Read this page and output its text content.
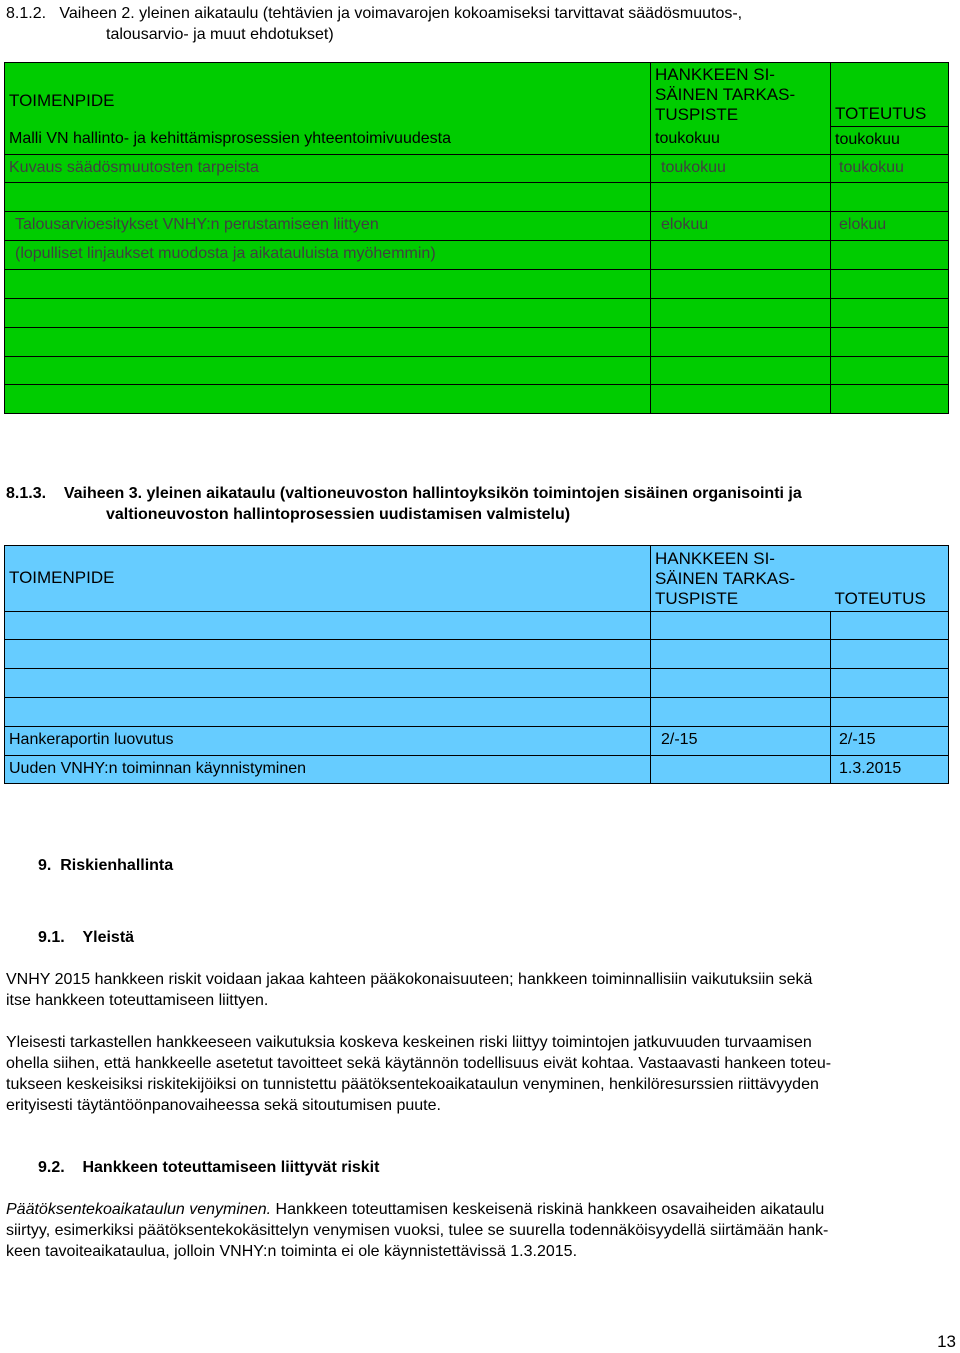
8.1.2. Vaiheen 2. yleinen aikataulu (tehtävien ja voimavarojen kokoamiseksi tarvittavat säädösmuutos-,
talousarvio- ja muut ehdotukset)
TOIMENPIDE	HANKKEEN SI-
SÄINEN TARKAS-
TUSPISTE	TOTEUTUS
Malli VN hallinto- ja kehittämisprosessien yhteentoimivuudesta	toukokuu	toukokuu
Kuvaus säädösmuutosten tarpeista	toukokuu	toukokuu

Talousarvioesitykset VNHY:n perustamiseen liittyen	elokuu	elokuu
(lopulliset linjaukset muodosta ja aikatauluista myöhemmin)		

8.1.3. Vaiheen 3. yleinen aikataulu (valtioneuvoston hallintoyksikön toimintojen sisäinen organisointi ja
valtioneuvoston hallintoprosessien uudistamisen valmistelu)
TOIMENPIDE	HANKKEEN SI-
SÄINEN TARKAS-
TUSPISTE	TOTEUTUS

Hankeraportin luovutus	2/-15	2/-15
Uuden VNHY:n toiminnan käynnistyminen		1.3.2015
9. Riskienhallinta
9.1. Yleistä

VNHY 2015 hankkeen riskit voidaan jakaa kahteen pääkokonaisuuteen; hankkeen toiminnallisiin vaikutuksiin sekä
itse hankkeen toteuttamiseen liittyen.

Yleisesti tarkastellen hankkeeseen vaikutuksia koskeva keskeinen riski liittyy toimintojen jatkuvuuden turvaamisen
ohella siihen, että hankkeelle asetetut tavoitteet sekä käytännön todellisuus eivät kohtaa. Vastaavasti hankeen toteu-
tukseen keskeisiksi riskitekijöiksi on tunnistettu päätöksentekoaikataulun venyminen, henkilöresurssien riittävyyden
erityisesti täytäntöönpanovaiheessa sekä sitoutumisen puute.

9.2. Hankkeen toteuttamiseen liittyvät riskit

Päätöksentekoaikataulun venyminen. Hankkeen toteuttamisen keskeisenä riskinä hankkeen osavaiheiden aikataulu
siirtyy, esimerkiksi päätöksentekokäsittelyn venymisen vuoksi, tulee se suurella todennäköisyydellä siirtämään hank-
keen tavoiteaikataulua, jolloin VNHY:n toiminta ei ole käynnistettävissä 1.3.2015.

13
